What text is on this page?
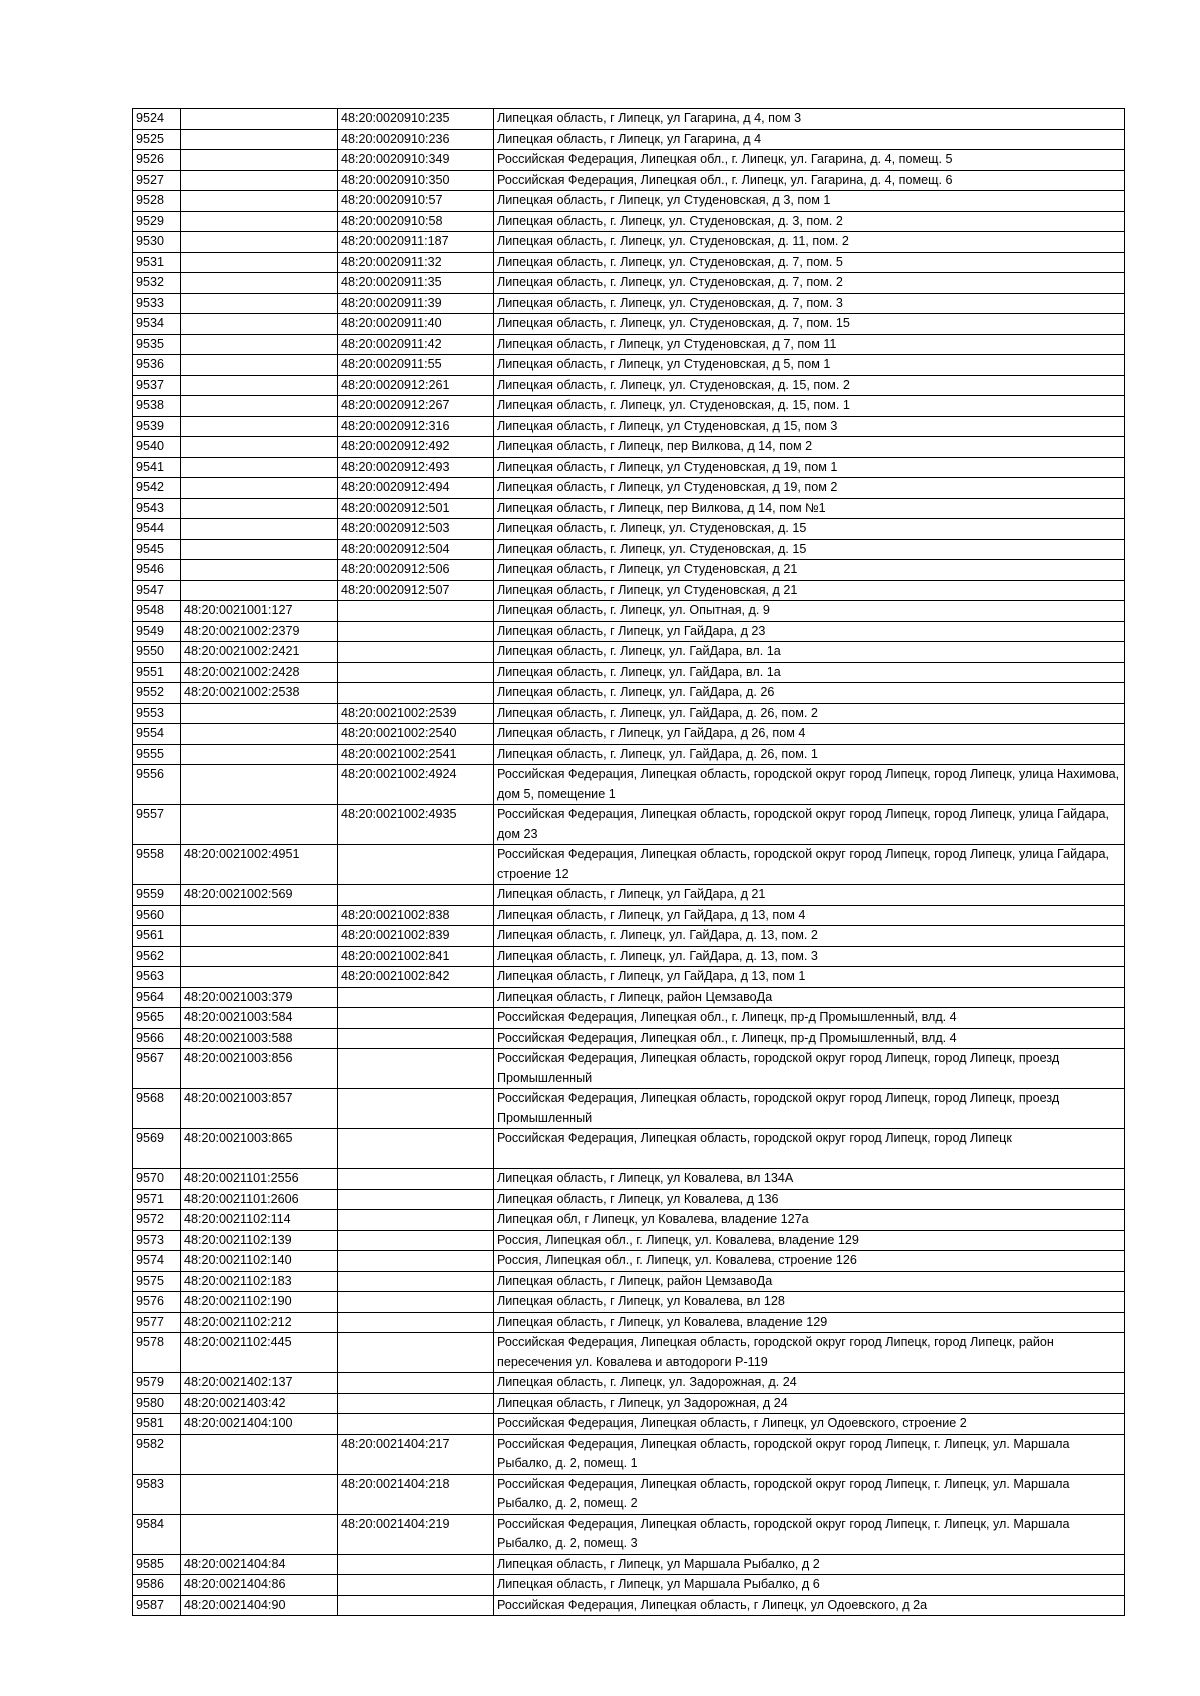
9524		48:20:0020910:235	Липецкая область, г Липецк, ул Гагарина, д 4, пом 3
9525		48:20:0020910:236	Липецкая область, г Липецк, ул Гагарина, д 4
9526		48:20:0020910:349	Российская Федерация, Липецкая обл., г. Липецк, ул. Гагарина, д. 4, помещ. 5
9527		48:20:0020910:350	Российская Федерация, Липецкая обл., г. Липецк, ул. Гагарина, д. 4, помещ. 6
9528		48:20:0020910:57	Липецкая область, г Липецк, ул Студеновская, д 3, пом 1
9529		48:20:0020910:58	Липецкая область, г. Липецк, ул. Студеновская, д. 3, пом. 2
9530		48:20:0020911:187	Липецкая область, г. Липецк, ул. Студеновская, д. 11, пом. 2
9531		48:20:0020911:32	Липецкая область, г. Липецк, ул. Студеновская, д. 7, пом. 5
9532		48:20:0020911:35	Липецкая область, г. Липецк, ул. Студеновская, д. 7, пом. 2
9533		48:20:0020911:39	Липецкая область, г. Липецк, ул. Студеновская, д. 7, пом. 3
9534		48:20:0020911:40	Липецкая область, г. Липецк, ул. Студеновская, д. 7, пом. 15
9535		48:20:0020911:42	Липецкая область, г Липецк, ул Студеновская, д 7, пом 11
9536		48:20:0020911:55	Липецкая область, г Липецк, ул Студеновская, д 5, пом 1
9537		48:20:0020912:261	Липецкая область, г. Липецк, ул. Студеновская, д. 15, пом. 2
9538		48:20:0020912:267	Липецкая область, г. Липецк, ул. Студеновская, д. 15, пом. 1
9539		48:20:0020912:316	Липецкая область, г Липецк, ул Студеновская, д 15, пом 3
9540		48:20:0020912:492	Липецкая область, г Липецк, пер Вилкова, д 14, пом 2
9541		48:20:0020912:493	Липецкая область, г Липецк, ул Студеновская, д 19, пом 1
9542		48:20:0020912:494	Липецкая область, г Липецк, ул Студеновская, д 19, пом 2
9543		48:20:0020912:501	Липецкая область, г Липецк, пер Вилкова, д 14, пом №1
9544		48:20:0020912:503	Липецкая область, г. Липецк, ул. Студеновская, д. 15
9545		48:20:0020912:504	Липецкая область, г. Липецк, ул. Студеновская, д. 15
9546		48:20:0020912:506	Липецкая область, г Липецк, ул Студеновская, д 21
9547		48:20:0020912:507	Липецкая область, г Липецк, ул Студеновская, д 21
9548	48:20:0021001:127		Липецкая область, г. Липецк, ул. Опытная, д. 9
9549	48:20:0021002:2379		Липецкая область, г Липецк, ул ГайДара, д 23
9550	48:20:0021002:2421		Липецкая область, г. Липецк, ул. ГайДара, вл. 1а
9551	48:20:0021002:2428		Липецкая область, г. Липецк, ул. ГайДара, вл. 1а
9552	48:20:0021002:2538		Липецкая область, г. Липецк, ул. ГайДара, д. 26
9553		48:20:0021002:2539	Липецкая область, г. Липецк, ул. ГайДара, д. 26, пом. 2
9554		48:20:0021002:2540	Липецкая область, г Липецк, ул ГайДара, д 26, пом 4
9555		48:20:0021002:2541	Липецкая область, г. Липецк, ул. ГайДара, д. 26, пом. 1
9556		48:20:0021002:4924	Российская Федерация, Липецкая область, городской округ город Липецк, город Липецк, улица Нахимова, дом 5, помещение 1
9557		48:20:0021002:4935	Российская Федерация, Липецкая область, городской округ город Липецк, город Липецк, улица Гайдара, дом 23
9558	48:20:0021002:4951		Российская Федерация, Липецкая область, городской округ город Липецк, город Липецк, улица Гайдара, строение 12
9559	48:20:0021002:569		Липецкая область, г Липецк, ул ГайДара, д 21
9560		48:20:0021002:838	Липецкая область, г Липецк, ул ГайДара, д 13, пом 4
9561		48:20:0021002:839	Липецкая область, г. Липецк, ул. ГайДара, д. 13, пом. 2
9562		48:20:0021002:841	Липецкая область, г. Липецк, ул. ГайДара, д. 13, пом. 3
9563		48:20:0021002:842	Липецкая область, г Липецк, ул ГайДара, д 13, пом 1
9564	48:20:0021003:379		Липецкая область, г Липецк, район ЦемзавоДа
9565	48:20:0021003:584		Российская Федерация, Липецкая обл., г. Липецк, пр-д Промышленный, влд. 4
9566	48:20:0021003:588		Российская Федерация, Липецкая обл., г. Липецк, пр-д Промышленный, влд. 4
9567	48:20:0021003:856		Российская Федерация, Липецкая область, городской округ город Липецк, город Липецк, проезд Промышленный
9568	48:20:0021003:857		Российская Федерация, Липецкая область, городской округ город Липецк, город Липецк, проезд Промышленный
9569	48:20:0021003:865		Российская Федерация, Липецкая область, городской округ город Липецк, город Липецк
9570	48:20:0021101:2556		Липецкая область, г Липецк, ул Ковалева, вл 134А
9571	48:20:0021101:2606		Липецкая область, г Липецк, ул Ковалева, д 136
9572	48:20:0021102:114		Липецкая обл, г Липецк, ул Ковалева, владение 127а
9573	48:20:0021102:139		Россия, Липецкая обл., г. Липецк, ул. Ковалева, владение 129
9574	48:20:0021102:140		Россия, Липецкая обл., г. Липецк, ул. Ковалева, строение 126
9575	48:20:0021102:183		Липецкая область, г Липецк, район ЦемзавоДа
9576	48:20:0021102:190		Липецкая область, г Липецк, ул Ковалева, вл 128
9577	48:20:0021102:212		Липецкая область, г Липецк, ул Ковалева, владение 129
9578	48:20:0021102:445		Российская Федерация, Липецкая область, городской округ город Липецк, город Липецк, район пересечения ул. Ковалева и автодороги Р-119
9579	48:20:0021402:137		Липецкая область, г. Липецк, ул. Задорожная, д. 24
9580	48:20:0021403:42		Липецкая область, г Липецк, ул Задорожная, д 24
9581	48:20:0021404:100		Российская Федерация, Липецкая область, г Липецк, ул Одоевского, строение 2
9582		48:20:0021404:217	Российская Федерация, Липецкая область, городской округ город Липецк, г. Липецк, ул. Маршала Рыбалко, д. 2, помещ. 1
9583		48:20:0021404:218	Российская Федерация, Липецкая область, городской округ город Липецк, г. Липецк, ул. Маршала Рыбалко, д. 2, помещ. 2
9584		48:20:0021404:219	Российская Федерация, Липецкая область, городской округ город Липецк, г. Липецк, ул. Маршала Рыбалко, д. 2, помещ. 3
9585	48:20:0021404:84		Липецкая область, г Липецк, ул Маршала Рыбалко, д 2
9586	48:20:0021404:86		Липецкая область, г Липецк, ул Маршала Рыбалко, д 6
9587	48:20:0021404:90		Российская Федерация, Липецкая область, г Липецк, ул Одоевского, д 2а
